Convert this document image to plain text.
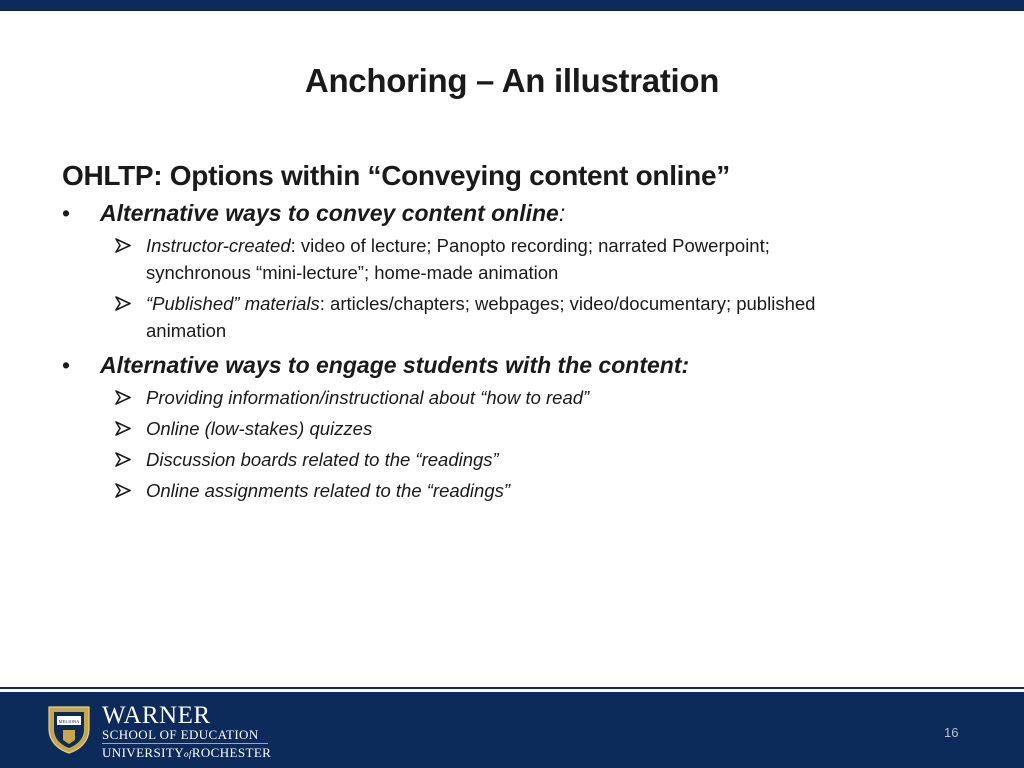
Anchoring – An illustration
OHLTP: Options within “Conveying content online”
• Alternative ways to convey content online:
Instructor-created: video of lecture; Panopto recording; narrated Powerpoint;
synchronous “mini-lecture”; home-made animation
“Published” materials: articles/chapters; webpages; video/documentary; published
animation
• Alternative ways to engage students with the content:
Providing information/instructional about “how to read”
Online (low-stakes) quizzes
Discussion boards related to the “readings”
Online assignments related to the “readings”
MELIORA WARNER
SCHOOL OF EDUCATION
UNIVERSITYofROCHESTER
16
